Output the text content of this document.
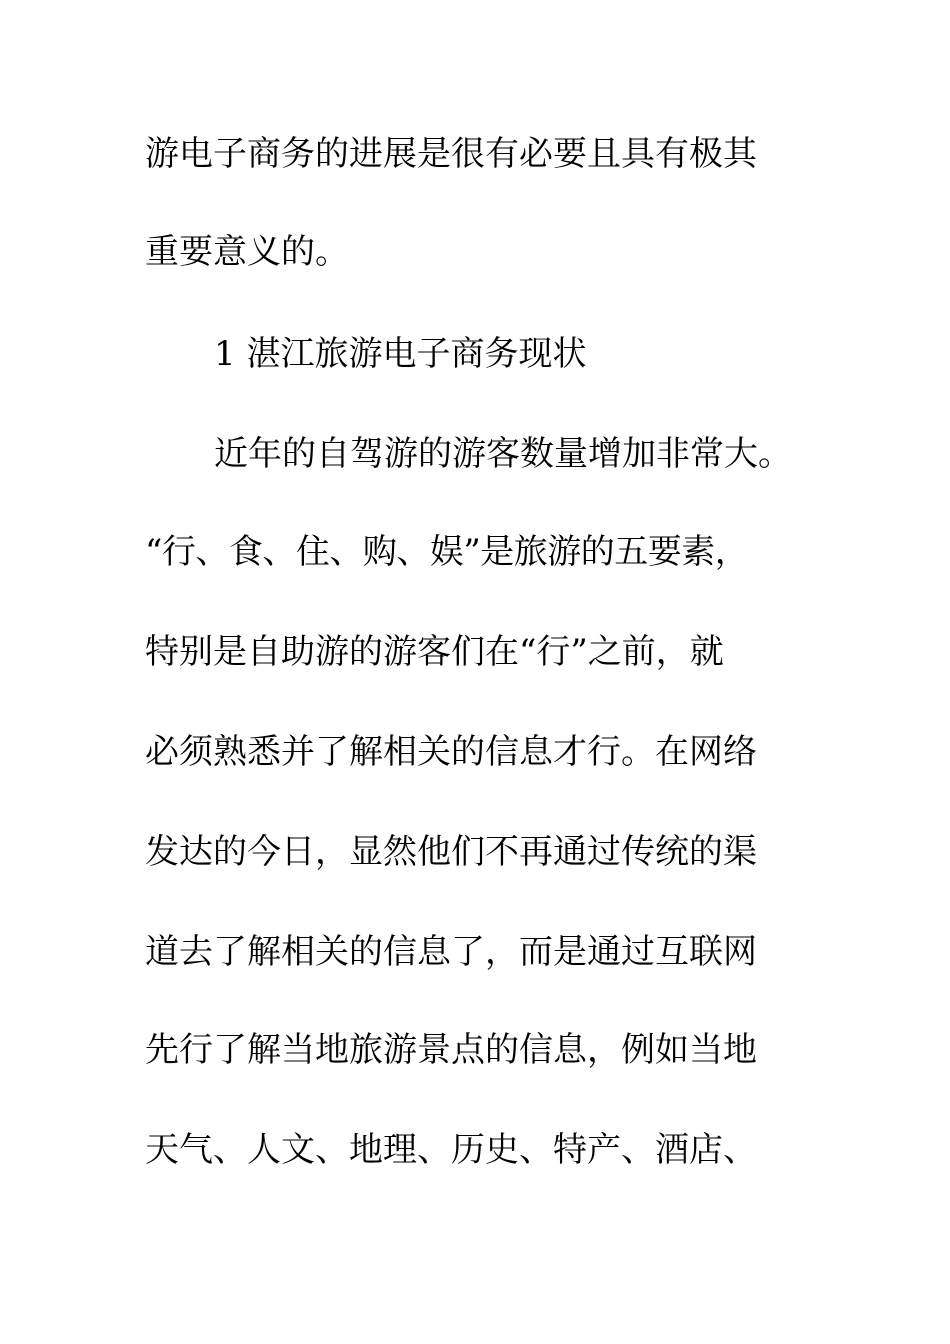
游电子商务的进展是很有必要且具有极其
重要意义的。
1 湛江旅游电子商务现状
近年的自驾游的游客数量增加非常大。
“行、食、住、购、娱”是旅游的五要素，
特别是自助游的游客们在“行”之前，就
必须熟悉并了解相关的信息才行。在网络
发达的今日，显然他们不再通过传统的渠
道去了解相关的信息了，而是通过互联网
先行了解当地旅游景点的信息，例如当地
天气、人文、地理、历史、特产、酒店、
